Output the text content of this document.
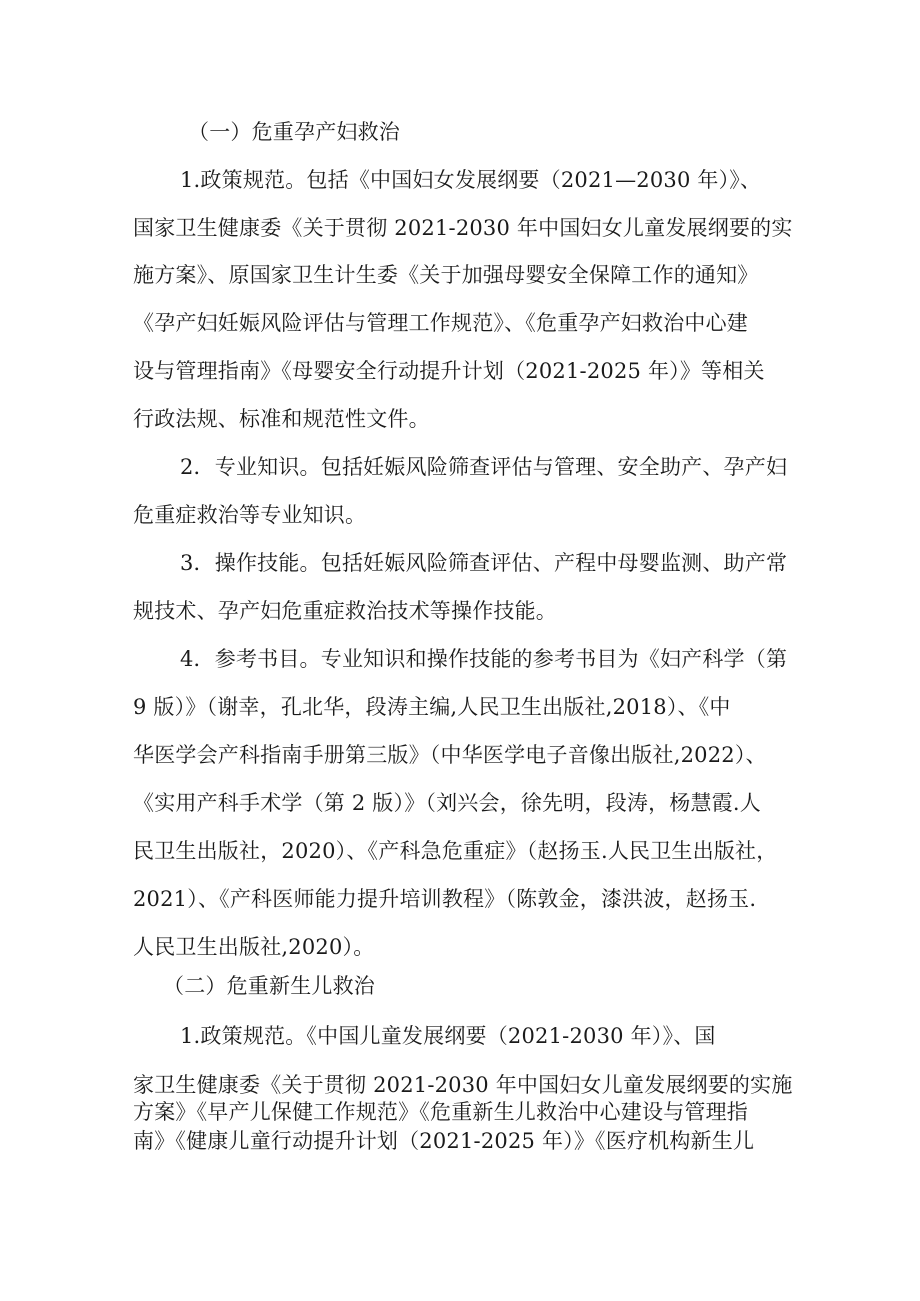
（一）危重孕产妇救治
1.政策规范。包括《中国妇女发展纲要（2021—2030 年）》、
国家卫生健康委《关于贯彻 2021-2030 年中国妇女儿童发展纲要的实
施方案》、原国家卫生计生委《关于加强母婴安全保障工作的通知》
《孕产妇妊娠风险评估与管理工作规范》、《危重孕产妇救治中心建
设与管理指南》《母婴安全行动提升计划（2021-2025 年）》等相关
行政法规、标准和规范性文件。
2．专业知识。包括妊娠风险筛查评估与管理、安全助产、孕产妇
危重症救治等专业知识。
3．操作技能。包括妊娠风险筛查评估、产程中母婴监测、助产常
规技术、孕产妇危重症救治技术等操作技能。
4．参考书目。专业知识和操作技能的参考书目为《妇产科学（第
9 版）》（谢幸，孔北华，段涛主编,人民卫生出版社,2018）、《中
华医学会产科指南手册第三版》（中华医学电子音像出版社,2022）、
《实用产科手术学（第 2 版）》（刘兴会，徐先明，段涛，杨慧霞.人
民卫生出版社，2020）、《产科急危重症》（赵扬玉.人民卫生出版社，
2021）、《产科医师能力提升培训教程》（陈敦金，漆洪波，赵扬玉.
人民卫生出版社,2020）。
（二）危重新生儿救治
1.政策规范。《中国儿童发展纲要（2021-2030 年）》、国
家卫生健康委《关于贯彻 2021-2030 年中国妇女儿童发展纲要的实施
方案》《早产儿保健工作规范》《危重新生儿救治中心建设与管理指
南》《健康儿童行动提升计划（2021-2025 年）》《医疗机构新生儿
